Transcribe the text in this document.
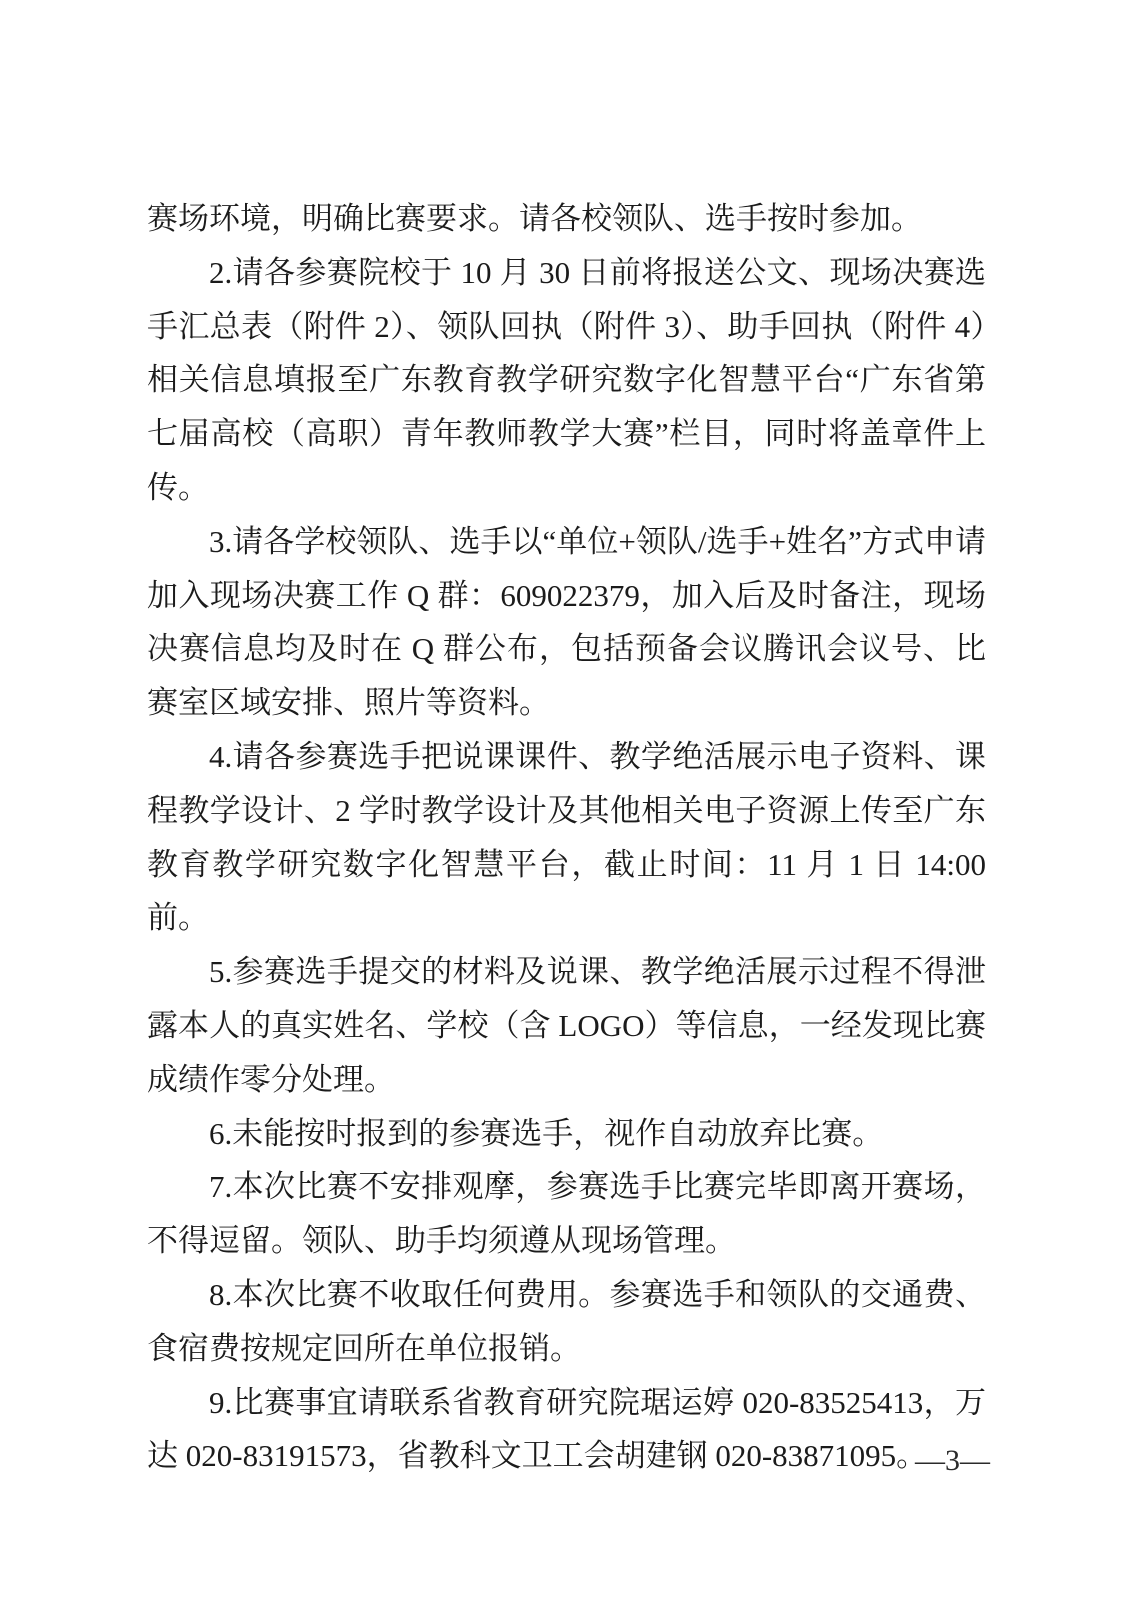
赛场环境，明确比赛要求。请各校领队、选手按时参加。

2.请各参赛院校于 10 月 30 日前将报送公文、现场决赛选手汇总表（附件 2）、领队回执（附件 3）、助手回执（附件 4）相关信息填报至广东教育教学研究数字化智慧平台“广东省第七届高校（高职）青年教师教学大赛”栏目，同时将盖章件上传。

3.请各学校领队、选手以“单位+领队/选手+姓名”方式申请加入现场决赛工作 Q 群：609022379，加入后及时备注，现场决赛信息均及时在 Q 群公布，包括预备会议腾讯会议号、比赛室区域安排、照片等资料。

4.请各参赛选手把说课课件、教学绝活展示电子资料、课程教学设计、2 学时教学设计及其他相关电子资源上传至广东教育教学研究数字化智慧平台，截止时间：11 月 1 日 14:00 前。

5.参赛选手提交的材料及说课、教学绝活展示过程不得泄露本人的真实姓名、学校（含 LOGO）等信息，一经发现比赛成绩作零分处理。

6.未能按时报到的参赛选手，视作自动放弃比赛。

7.本次比赛不安排观摩，参赛选手比赛完毕即离开赛场，不得逗留。领队、助手均须遵从现场管理。

8.本次比赛不收取任何费用。参赛选手和领队的交通费、食宿费按规定回所在单位报销。

9.比赛事宜请联系省教育研究院琚运婷 020-83525413，万达 020-83191573，省教科文卫工会胡建钢 020-83871095。

—3—
